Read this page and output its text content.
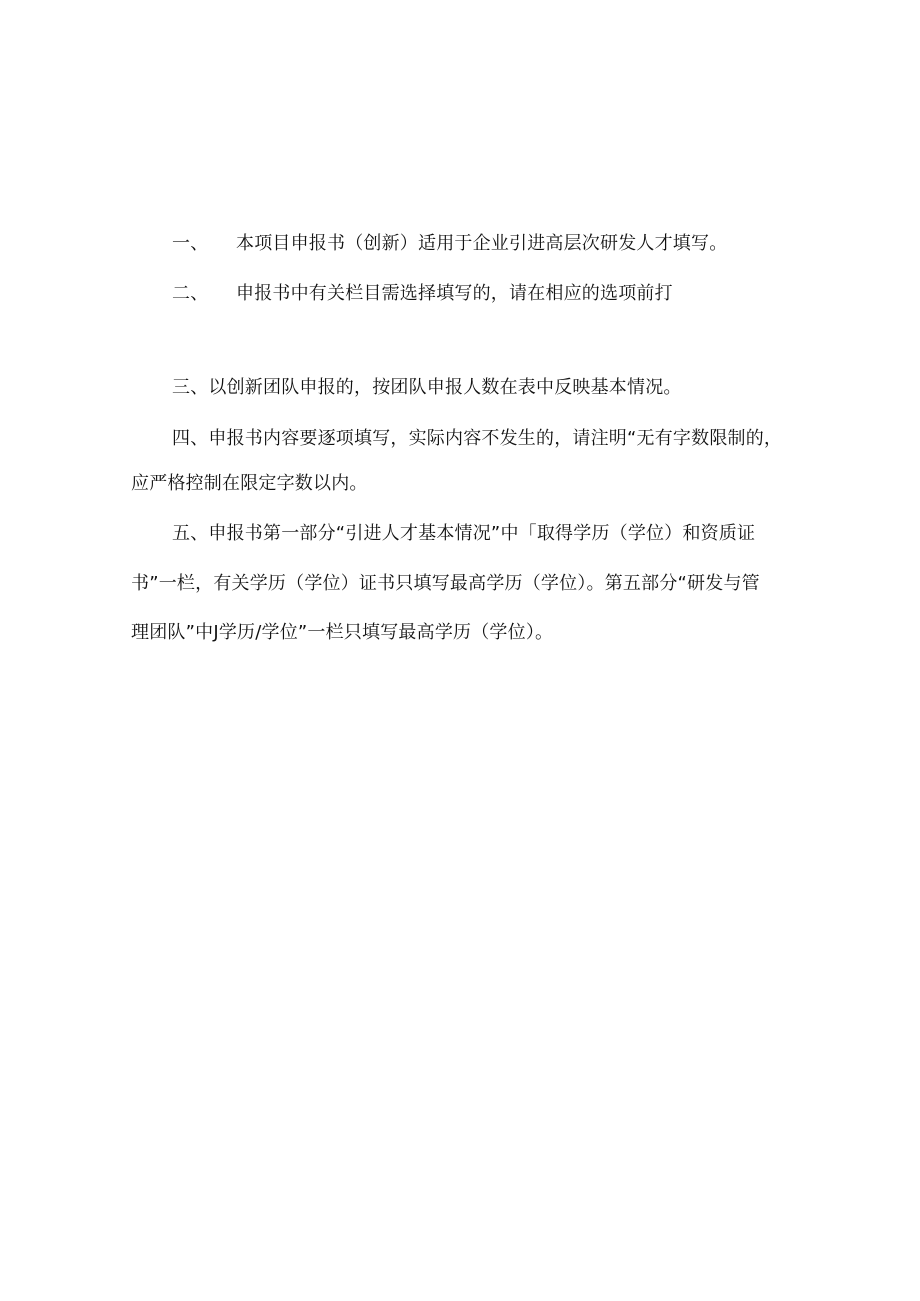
一、 本项目申报书（创新）适用于企业引进高层次研发人才填写。
二、 申报书中有关栏目需选择填写的，请在相应的选项前打
三、以创新团队申报的，按团队申报人数在表中反映基本情况。
四、申报书内容要逐项填写，实际内容不发生的，请注明“无有字数限制的，
应严格控制在限定字数以内。
五、申报书第一部分“引进人才基本情况”中「取得学历（学位）和资质证
书”一栏，有关学历（学位）证书只填写最高学历（学位）。第五部分“研发与管
理团队”中J学历/学位”一栏只填写最高学历（学位）。
